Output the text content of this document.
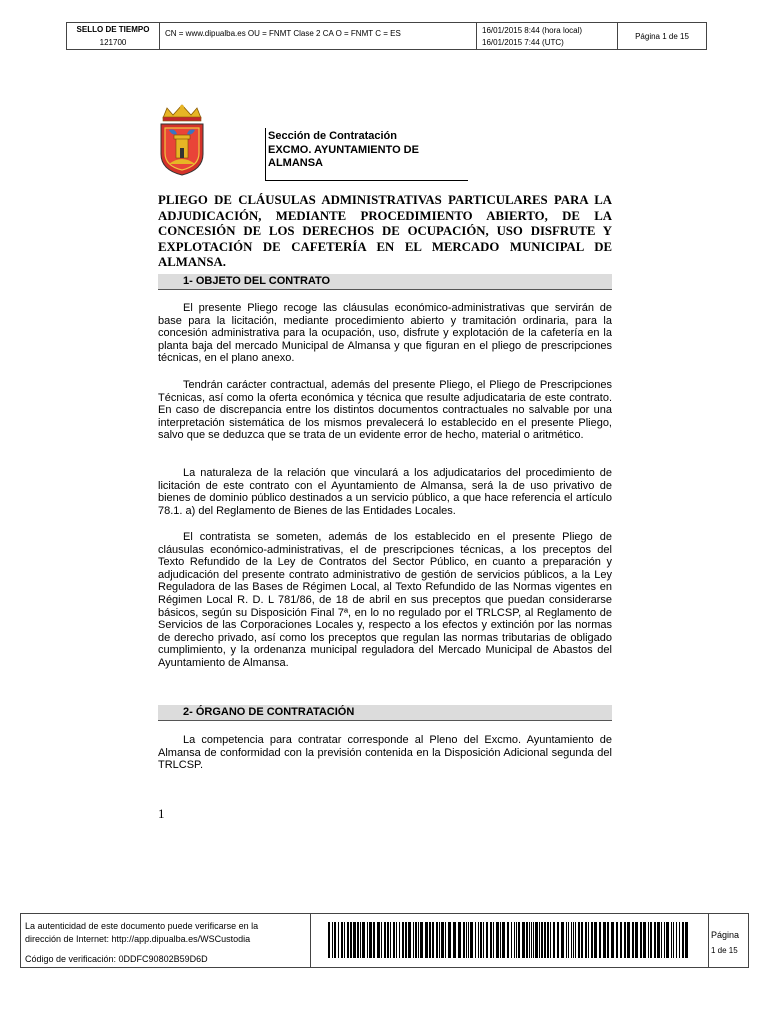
SELLO DE TIEMPO
121700
CN = www.dipualba.es OU = FNMT Clase 2 CA O = FNMT C = ES	16/01/2015 8:44 (hora local)
16/01/2015 7:44 (UTC)
Página 1 de 15
Sección de Contratación
EXCMO. AYUNTAMIENTO DE
ALMANSA
PLIEGO DE CLÁUSULAS ADMINISTRATIVAS PARTICULARES PARA LA ADJUDICACIÓN, MEDIANTE PROCEDIMIENTO ABIERTO, DE LA CONCESIÓN DE LOS DERECHOS DE OCUPACIÓN, USO DISFRUTE Y EXPLOTACIÓN DE CAFETERÍA EN EL MERCADO MUNICIPAL DE ALMANSA.
1- OBJETO DEL CONTRATO
El presente Pliego recoge las cláusulas económico-administrativas que servirán de base para la licitación, mediante procedimiento abierto y tramitación ordinaria, para la concesión administrativa para la ocupación, uso, disfrute y explotación de la cafetería en la planta baja del mercado Municipal de Almansa y que figuran en el pliego de prescripciones técnicas, en el plano anexo.
Tendrán carácter contractual, además del presente Pliego, el Pliego de Prescripciones Técnicas, así como la oferta económica y técnica que resulte adjudicataria de este contrato. En caso de discrepancia entre los distintos documentos contractuales no salvable por una interpretación sistemática de los mismos prevalecerá lo establecido en el presente Pliego, salvo que se deduzca que se trata de un evidente error de hecho, material o aritmético.
La naturaleza de la relación que vinculará a los adjudicatarios del procedimiento de licitación de este contrato con el Ayuntamiento de Almansa, será la de uso privativo de bienes de dominio público destinados a un servicio público, a que hace referencia el artículo 78.1. a) del Reglamento de Bienes de las Entidades Locales.
El contratista se someten, además de los establecido en el presente Pliego de cláusulas económico-administrativas, el de prescripciones técnicas, a los preceptos del Texto Refundido de la Ley de Contratos del Sector Público, en cuanto a preparación y adjudicación del presente contrato administrativo de gestión de servicios públicos, a la Ley Reguladora de las Bases de Régimen Local, al Texto Refundido de las Normas vigentes en Régimen Local R. D. L 781/86, de 18 de abril en sus preceptos que puedan considerarse básicos, según su Disposición Final 7ª, en lo no regulado por el TRLCSP, al Reglamento de Servicios de las Corporaciones Locales y, respecto a los efectos y extinción por las normas de derecho privado, así como los preceptos que regulan las normas tributarias de obligado cumplimiento, y la ordenanza municipal reguladora del Mercado Municipal de Abastos del Ayuntamiento de Almansa.
2- ÓRGANO DE CONTRATACIÓN
La competencia para contratar corresponde al Pleno del Excmo. Ayuntamiento de Almansa de conformidad con la previsión contenida en la Disposición Adicional segunda del TRLCSP.
1
La autenticidad de este documento puede verificarse en la
dirección de Internet: http://app.dipualba.es/WSCustodia
Código de verificación: 0DDFC90802B59D6D
Página
1 de 15
